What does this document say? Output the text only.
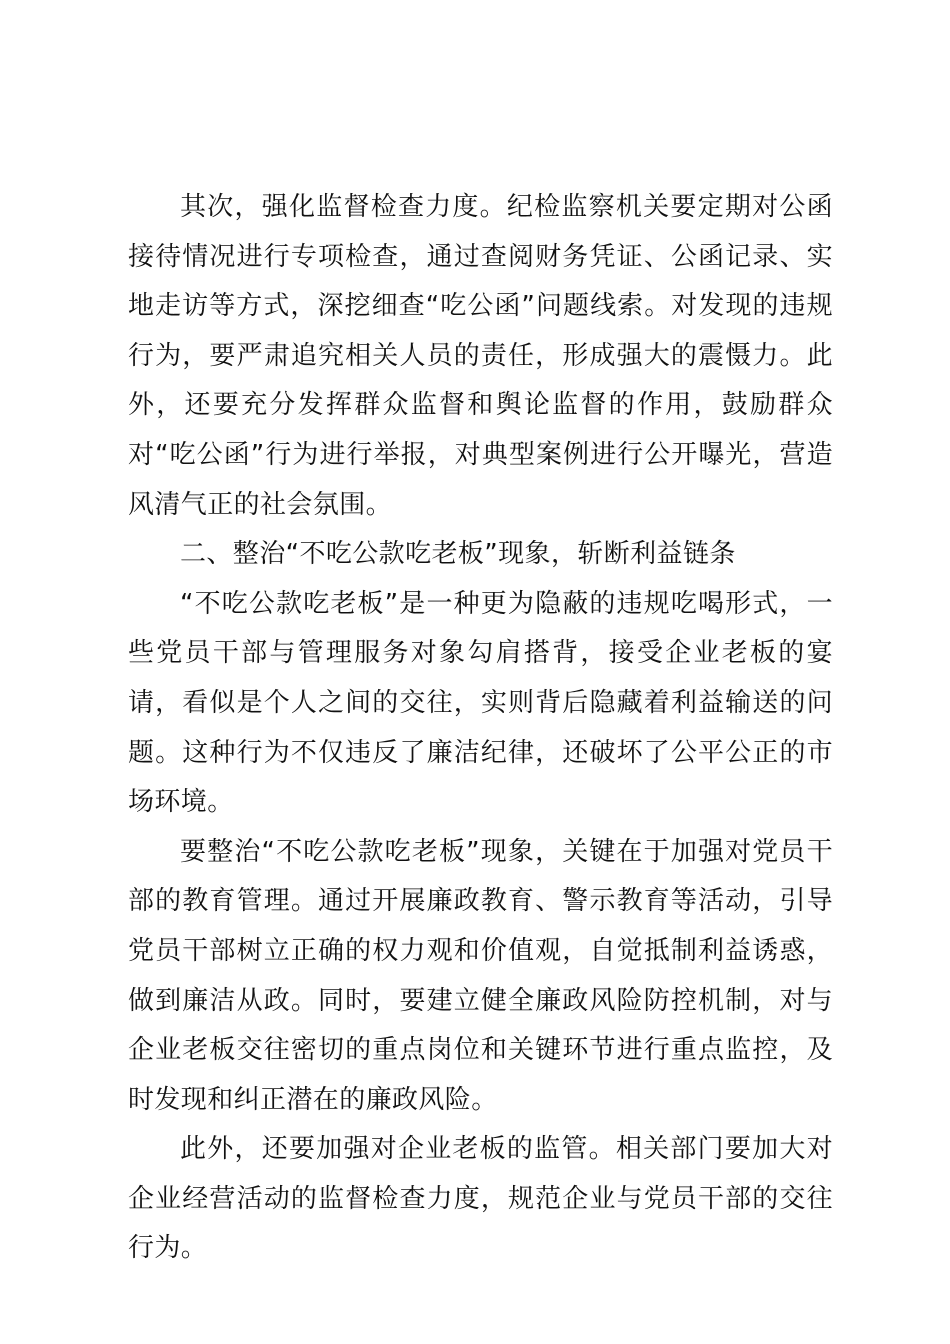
其次，强化监督检查力度。纪检监察机关要定期对公函接待情况进行专项检查，通过查阅财务凭证、公函记录、实地走访等方式，深挖细查“吃公函”问题线索。对发现的违规行为，要严肃追究相关人员的责任，形成强大的震慑力。此外，还要充分发挥群众监督和舆论监督的作用，鼓励群众对“吃公函”行为进行举报，对典型案例进行公开曝光，营造风清气正的社会氛围。

二、整治“不吃公款吃老板”现象，斩断利益链条

“不吃公款吃老板”是一种更为隐蔽的违规吃喝形式，一些党员干部与管理服务对象勾肩搭背，接受企业老板的宴请，看似是个人之间的交往，实则背后隐藏着利益输送的问题。这种行为不仅违反了廉洁纪律，还破坏了公平公正的市场环境。

要整治“不吃公款吃老板”现象，关键在于加强对党员干部的教育管理。通过开展廉政教育、警示教育等活动，引导党员干部树立正确的权力观和价值观，自觉抵制利益诱惑，做到廉洁从政。同时，要建立健全廉政风险防控机制，对与企业老板交往密切的重点岗位和关键环节进行重点监控，及时发现和纠正潜在的廉政风险。

此外，还要加强对企业老板的监管。相关部门要加大对企业经营活动的监督检查力度，规范企业与党员干部的交往行为。
